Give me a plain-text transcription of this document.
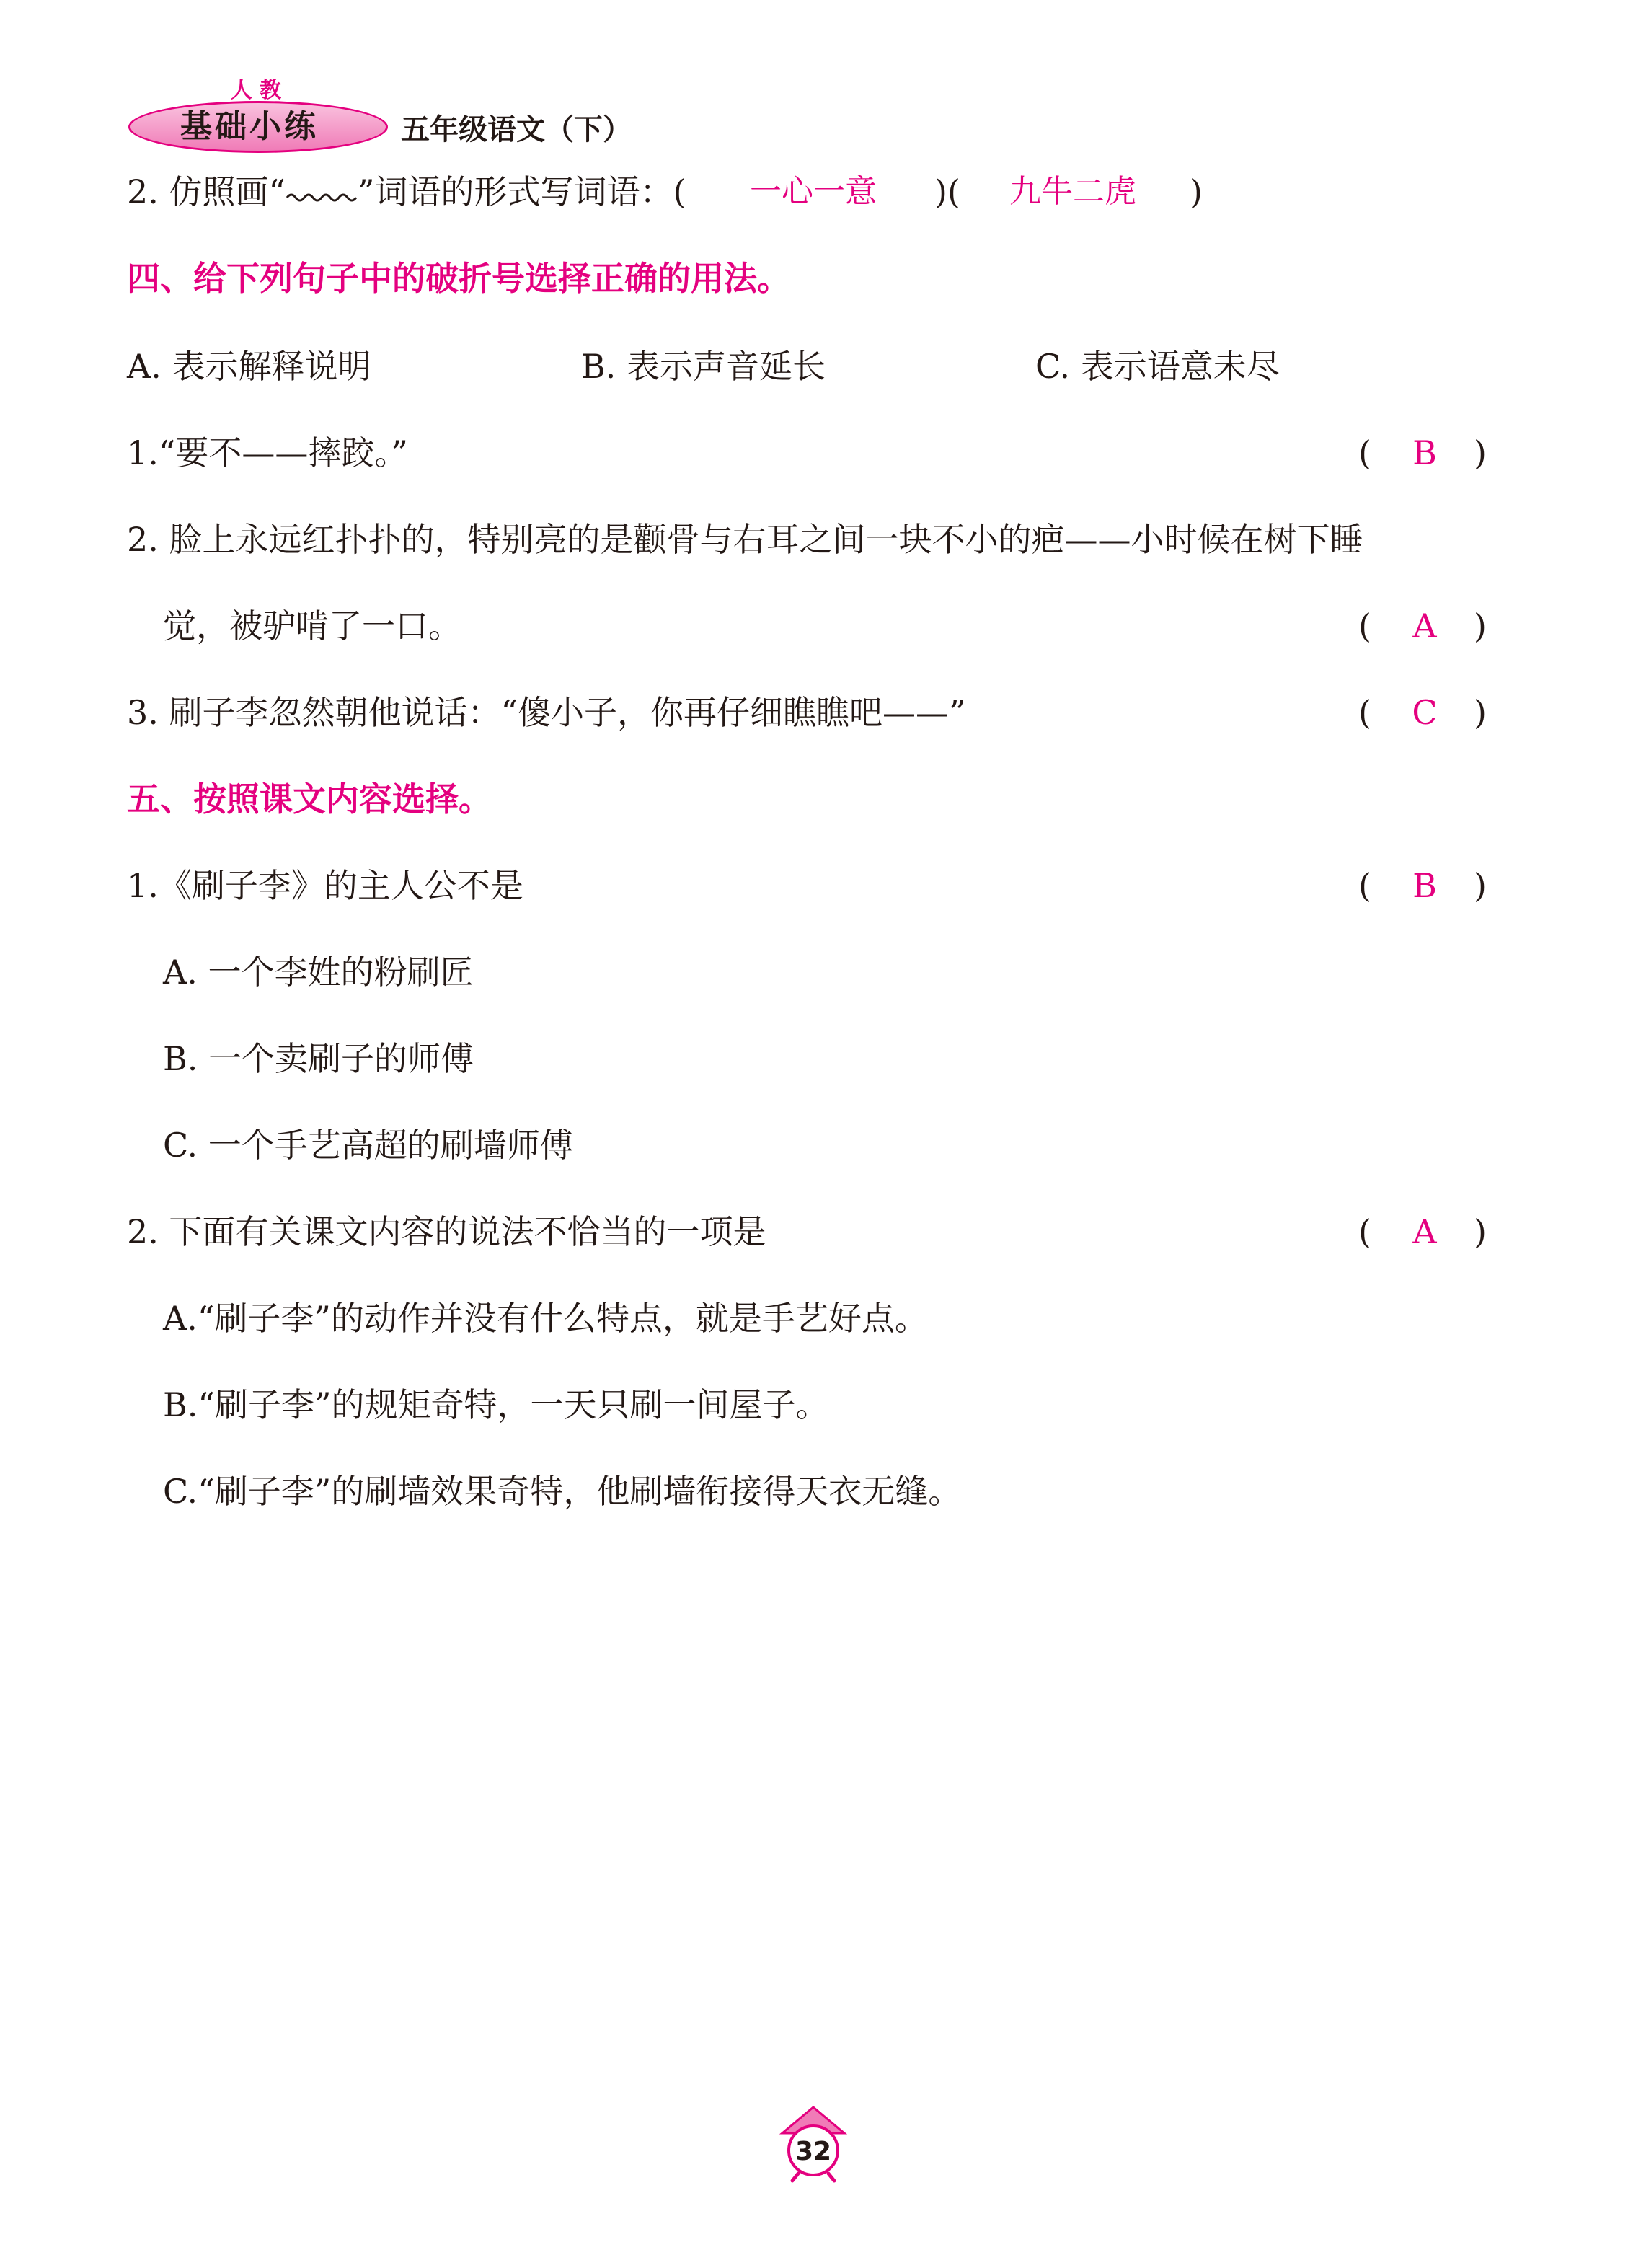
人教
基础小练	五年级语文（下）
2. 仿照画“ ”词语的形式写词语：( 一心一意 )( 九牛二虎 )
四、给下列句子中的破折号选择正确的用法。
A. 表示解释说明	B. 表示声音延长	C. 表示语意未尽
1.“要不——摔跤。”	( B )
2. 脸上永远红扑扑的，特别亮的是颧骨与右耳之间一块不小的疤——小时候在树下睡
觉，被驴啃了一口。	( A )
3. 刷子李忽然朝他说话：“傻小子，你再仔细瞧瞧吧——”	( C )
五、按照课文内容选择。
1.《刷子李》的主人公不是	( B )
A. 一个李姓的粉刷匠
B. 一个卖刷子的师傅
C. 一个手艺高超的刷墙师傅
2. 下面有关课文内容的说法不恰当的一项是	( A )
A.“刷子李”的动作并没有什么特点，就是手艺好点。
B.“刷子李”的规矩奇特，一天只刷一间屋子。
C.“刷子李”的刷墙效果奇特，他刷墙衔接得天衣无缝。
32
